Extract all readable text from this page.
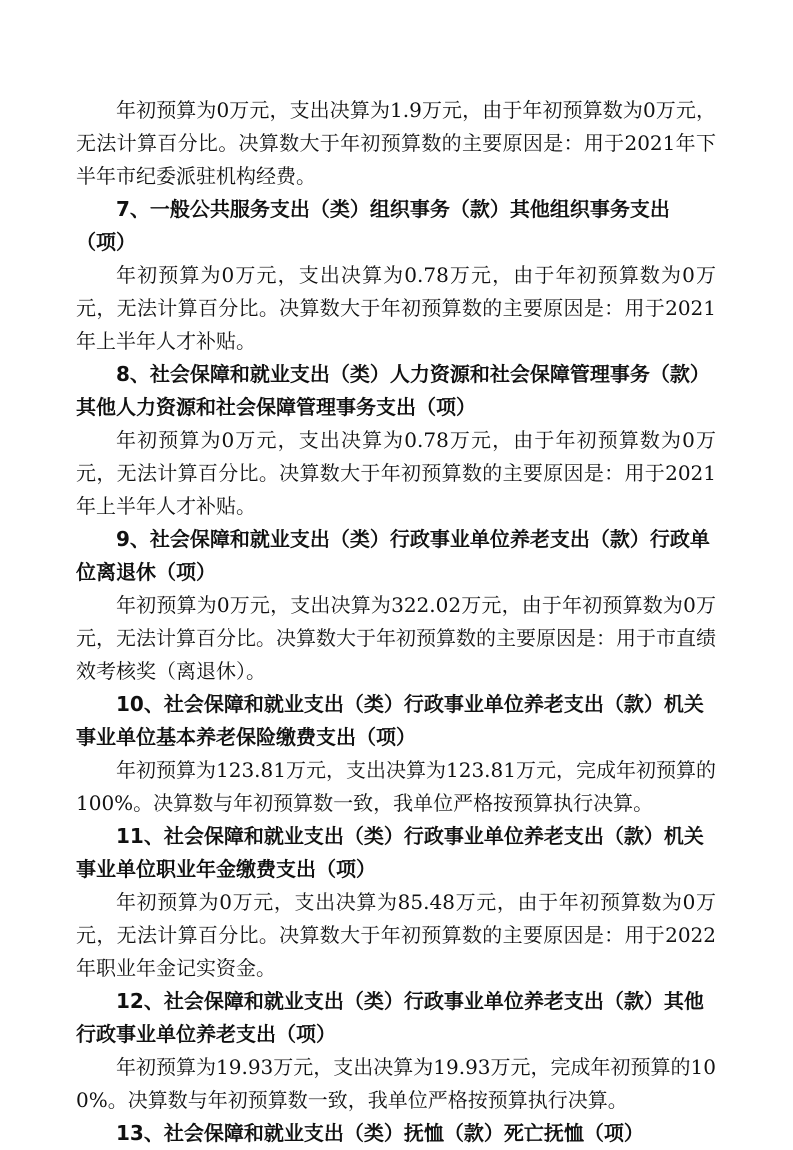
年初预算为0万元，支出决算为1.9万元，由于年初预算数为0万元，无法计算百分比。决算数大于年初预算数的主要原因是：用于2021年下半年市纪委派驻机构经费。

7、一般公共服务支出（类）组织事务（款）其他组织事务支出（项）

年初预算为0万元，支出决算为0.78万元，由于年初预算数为0万元，无法计算百分比。决算数大于年初预算数的主要原因是：用于2021年上半年人才补贴。

8、社会保障和就业支出（类）人力资源和社会保障管理事务（款）其他人力资源和社会保障管理事务支出（项）

年初预算为0万元，支出决算为0.78万元，由于年初预算数为0万元，无法计算百分比。决算数大于年初预算数的主要原因是：用于2021年上半年人才补贴。

9、社会保障和就业支出（类）行政事业单位养老支出（款）行政单位离退休（项）

年初预算为0万元，支出决算为322.02万元，由于年初预算数为0万元，无法计算百分比。决算数大于年初预算数的主要原因是：用于市直绩效考核奖（离退休）。

10、社会保障和就业支出（类）行政事业单位养老支出（款）机关事业单位基本养老保险缴费支出（项）

年初预算为123.81万元，支出决算为123.81万元，完成年初预算的100%。决算数与年初预算数一致，我单位严格按预算执行决算。

11、社会保障和就业支出（类）行政事业单位养老支出（款）机关事业单位职业年金缴费支出（项）

年初预算为0万元，支出决算为85.48万元，由于年初预算数为0万元，无法计算百分比。决算数大于年初预算数的主要原因是：用于2022年职业年金记实资金。

12、社会保障和就业支出（类）行政事业单位养老支出（款）其他行政事业单位养老支出（项）

年初预算为19.93万元，支出决算为19.93万元，完成年初预算的100%。决算数与年初预算数一致，我单位严格按预算执行决算。

13、社会保障和就业支出（类）抚恤（款）死亡抚恤（项）
